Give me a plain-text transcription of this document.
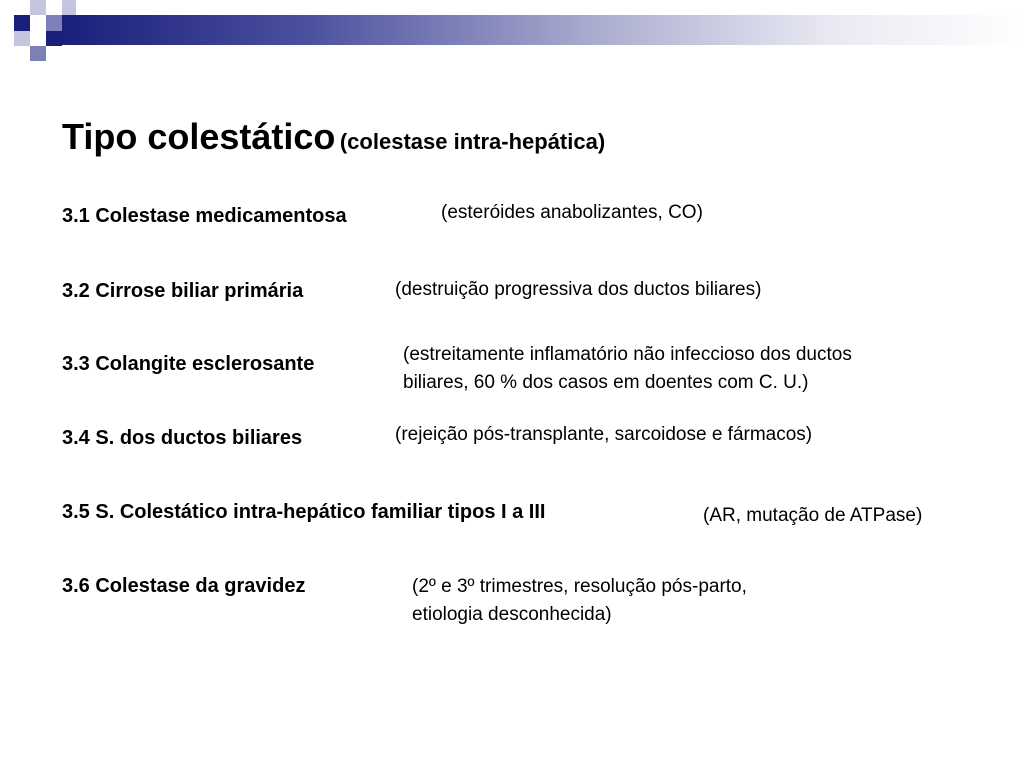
Tipo colestático (colestase intra-hepática)
3.1 Colestase medicamentosa	(esteróides anabolizantes, CO)
3.2 Cirrose biliar primária	(destruição progressiva dos ductos biliares)
3.3 Colangite esclerosante	(estreitamente inflamatório não infeccioso dos ductos
biliares, 60 % dos casos em doentes com C. U.)
3.4 S. dos ductos biliares	(rejeição pós-transplante, sarcoidose e fármacos)
3.5 S. Colestático intra-hepático familiar tipos I a III	(AR, mutação de ATPase)
3.6 Colestase da gravidez	(2º e 3º trimestres, resolução pós-parto,
etiologia desconhecida)
